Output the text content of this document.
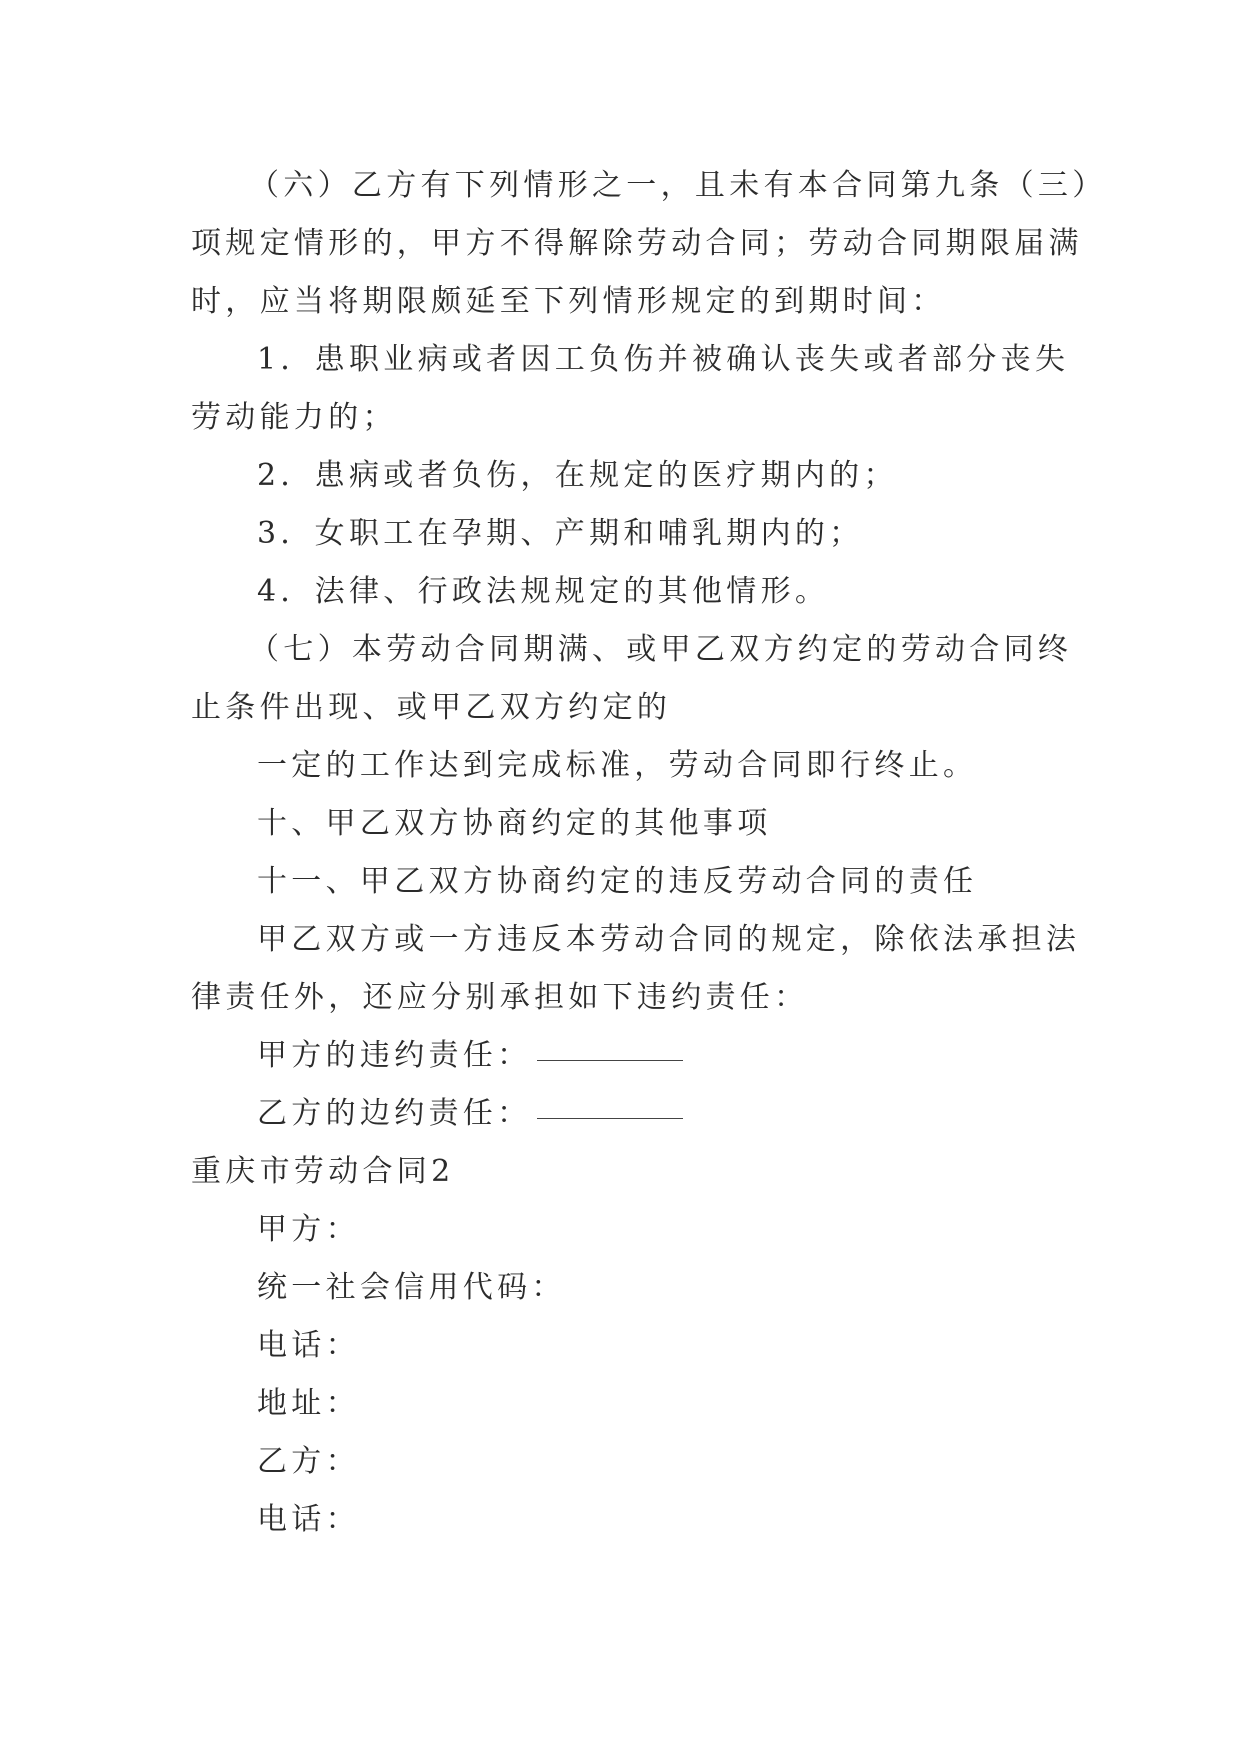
（六）乙方有下列情形之一，且未有本合同第九条（三）
项规定情形的，甲方不得解除劳动合同；劳动合同期限届满
时，应当将期限颇延至下列情形规定的到期时间：
1．患职业病或者因工负伤并被确认丧失或者部分丧失
劳动能力的；
2．患病或者负伤，在规定的医疗期内的；
3．女职工在孕期、产期和哺乳期内的；
4．法律、行政法规规定的其他情形。
（七）本劳动合同期满、或甲乙双方约定的劳动合同终
止条件出现、或甲乙双方约定的
一定的工作达到完成标准，劳动合同即行终止。
十、甲乙双方协商约定的其他事项
十一、甲乙双方协商约定的违反劳动合同的责任
甲乙双方或一方违反本劳动合同的规定，除依法承担法
律责任外，还应分别承担如下违约责任：
甲方的违约责任：
乙方的边约责任：
重庆市劳动合同2
甲方：
统一社会信用代码：
电话：
地址：
乙方：
电话：
